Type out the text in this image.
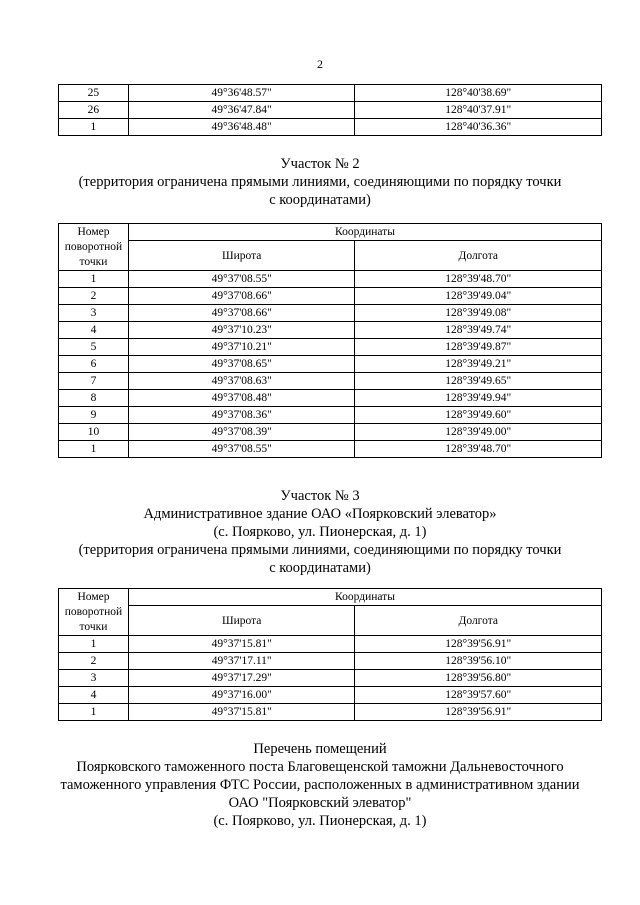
2
25	49°36'48.57"	128°40'38.69"
26	49°36'47.84"	128°40'37.91"
1	49°36'48.48"	128°40'36.36"
Участок № 2
(территория ограничена прямыми линиями, соединяющими по порядку точки
с координатами)
Номер поворотной точки	Координаты	
	Широта	Долгота
1	49°37'08.55"	128°39'48.70"
2	49°37'08.66"	128°39'49.04"
3	49°37'08.66"	128°39'49.08"
4	49°37'10.23"	128°39'49.74"
5	49°37'10.21"	128°39'49.87"
6	49°37'08.65"	128°39'49.21"
7	49°37'08.63"	128°39'49.65"
8	49°37'08.48"	128°39'49.94"
9	49°37'08.36"	128°39'49.60"
10	49°37'08.39"	128°39'49.00"
1	49°37'08.55"	128°39'48.70"
Участок № 3
Административное здание ОАО «Поярковский элеватор»
(с. Поярково, ул. Пионерская, д. 1)
(территория ограничена прямыми линиями, соединяющими по порядку точки
с координатами)
Номер поворотной точки	Координаты	
	Широта	Долгота
1	49°37'15.81"	128°39'56.91"
2	49°37'17.11"	128°39'56.10"
3	49°37'17.29"	128°39'56.80"
4	49°37'16.00"	128°39'57.60"
1	49°37'15.81"	128°39'56.91"
Перечень помещений
Поярковского таможенного поста Благовещенской таможни Дальневосточного
таможенного управления ФТС России, расположенных в административном здании
ОАО "Поярковский элеватор"
(с. Поярково, ул. Пионерская, д. 1)
